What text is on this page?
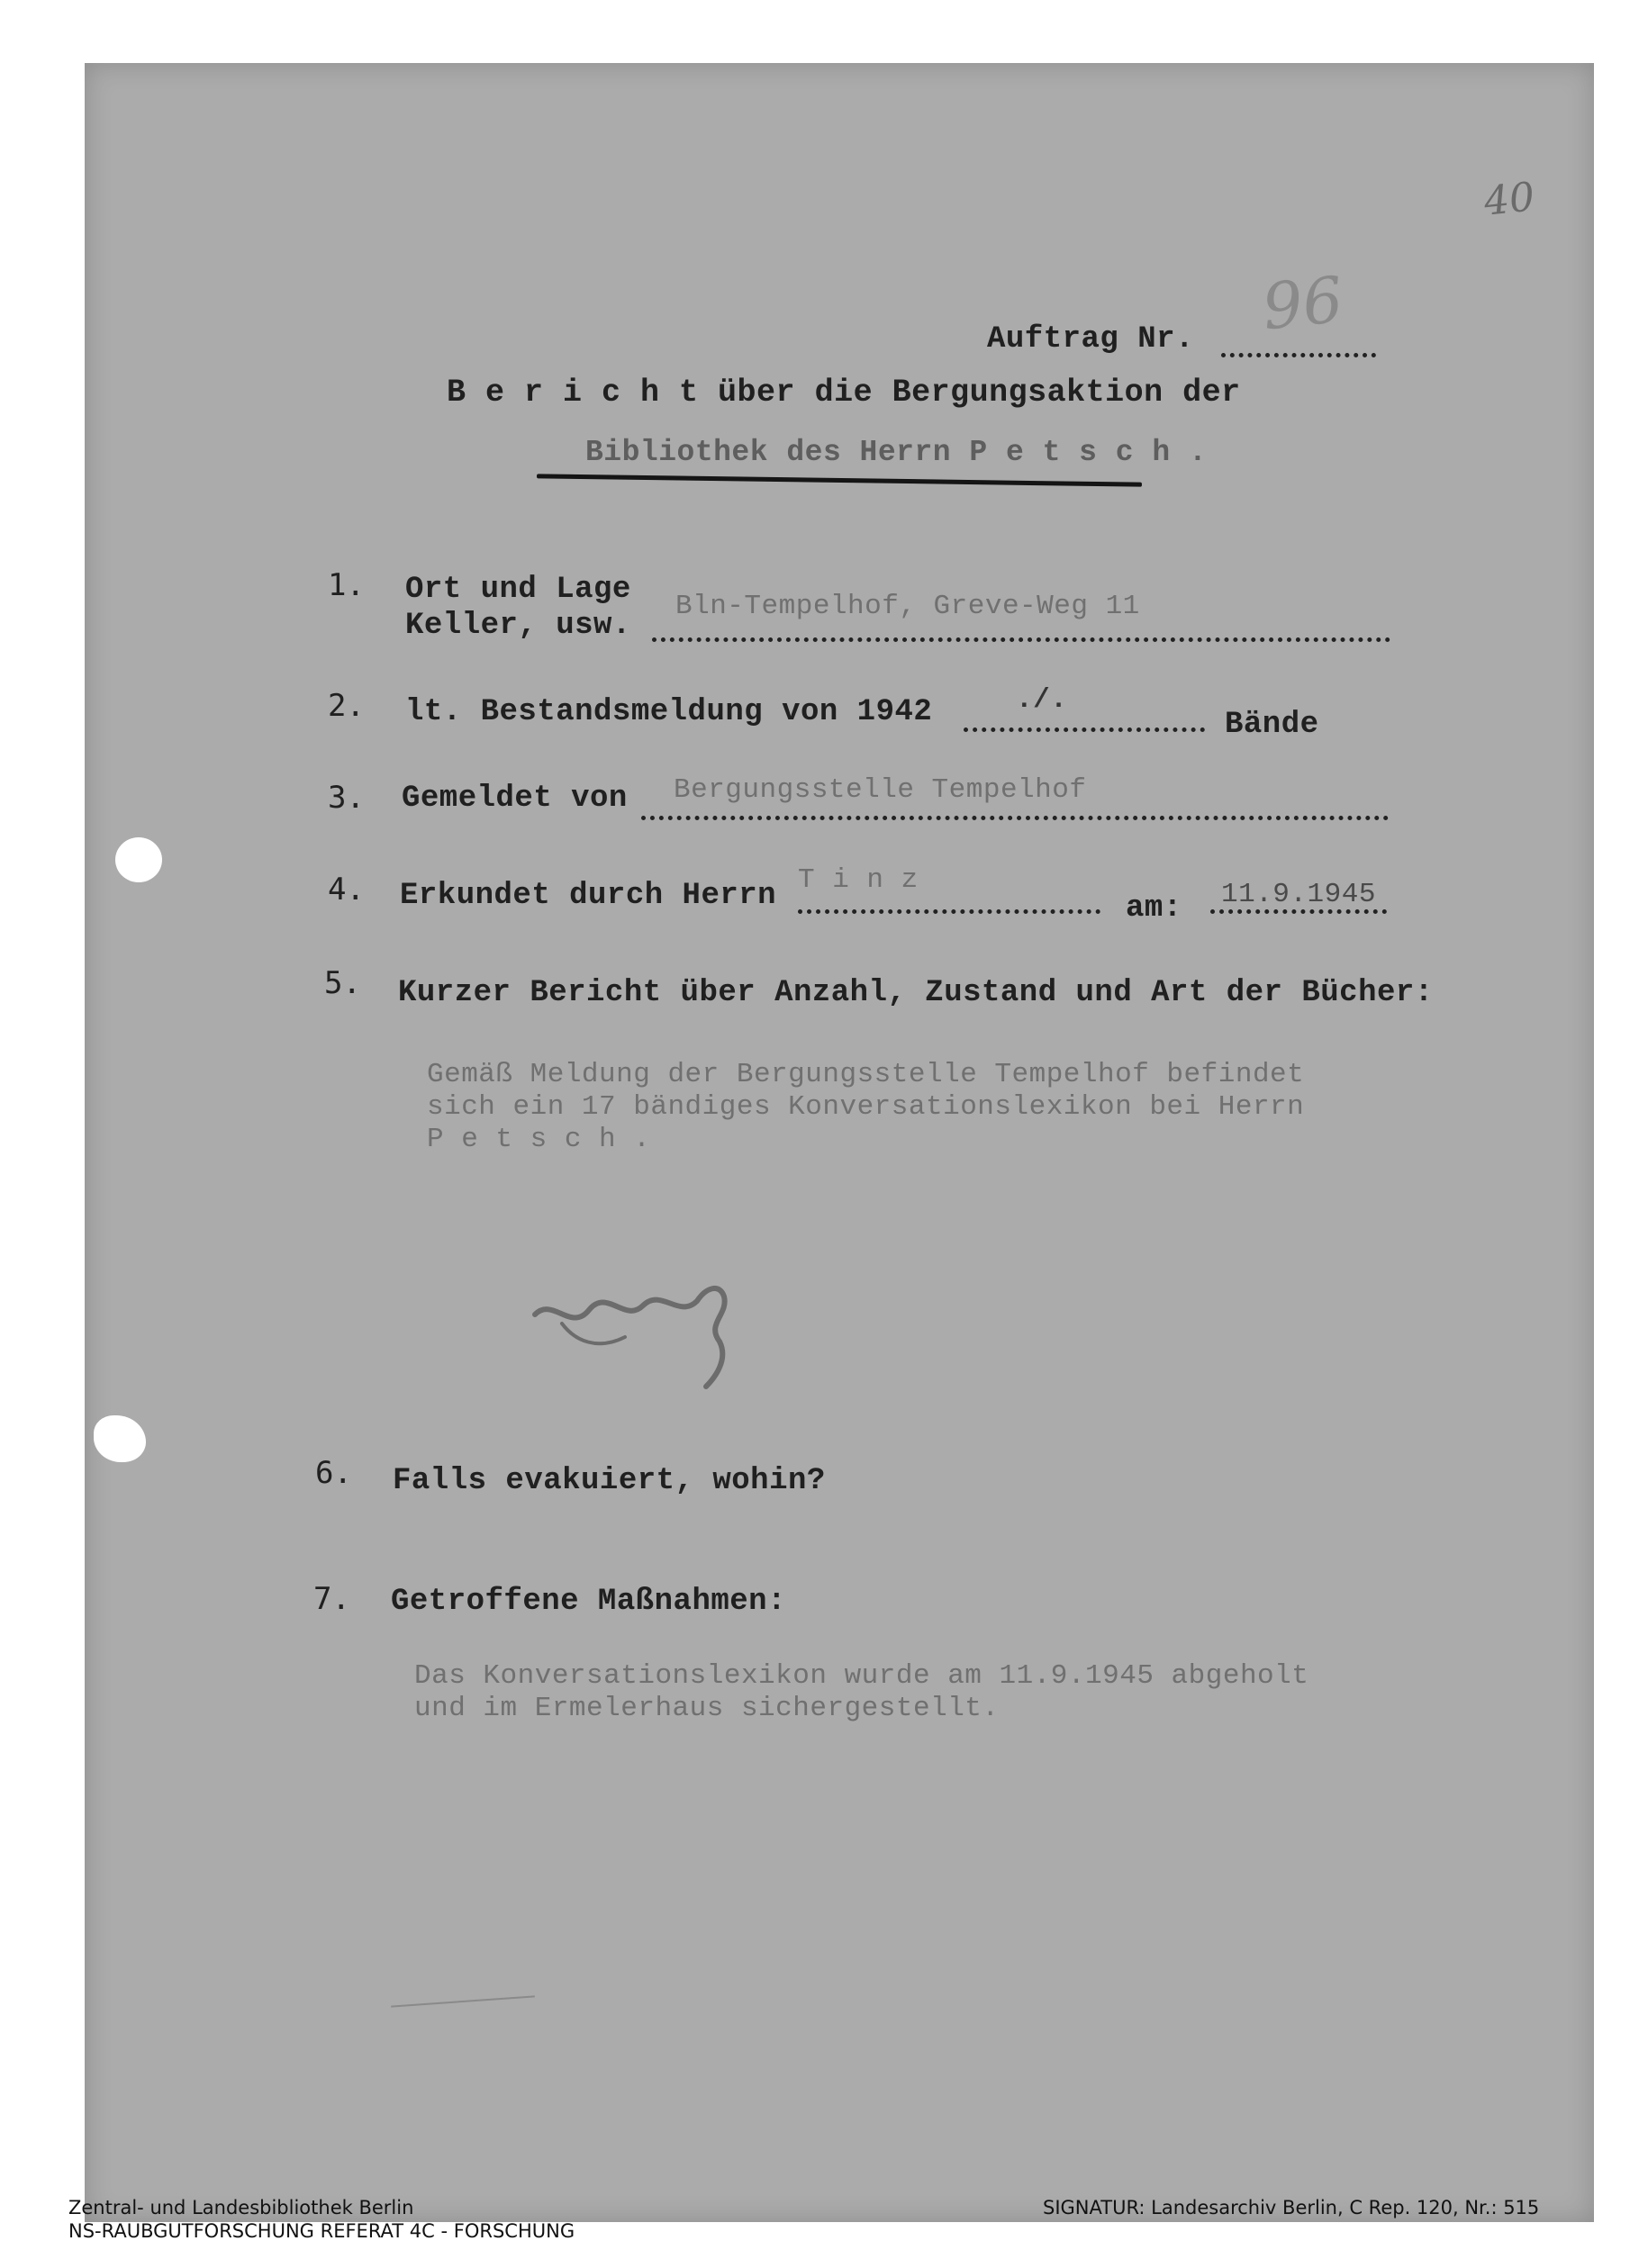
40
Auftrag Nr. 96
B e r i c h t über die Bergungsaktion der
Bibliothek des Herrn P e t s c h .
1. Ort und Lage
Keller, usw.
Bln-Tempelhof, Greve-Weg 11
2. lt. Bestandsmeldung von 1942	./.
Bände
3. Gemeldet von Bergungsstelle Tempelhof
4. Erkundet durch Herrn T i n z
am: 11.9.1945
5. Kurzer Bericht über Anzahl, Zustand und Art der Bücher:
Gemäß Meldung der Bergungsstelle Tempelhof befindet
sich ein 17 bändiges Konversationslexikon bei Herrn
P e t s c h .
6. Falls evakuiert, wohin?
7. Getroffene Maßnahmen:
Das Konversationslexikon wurde am 11.9.1945 abgeholt
und im Ermelerhaus sichergestellt.
Zentral- und Landesbibliothek Berlin
NS-RAUBGUTFORSCHUNG REFERAT 4C - FORSCHUNG
SIGNATUR: Landesarchiv Berlin, C Rep. 120, Nr.: 515
